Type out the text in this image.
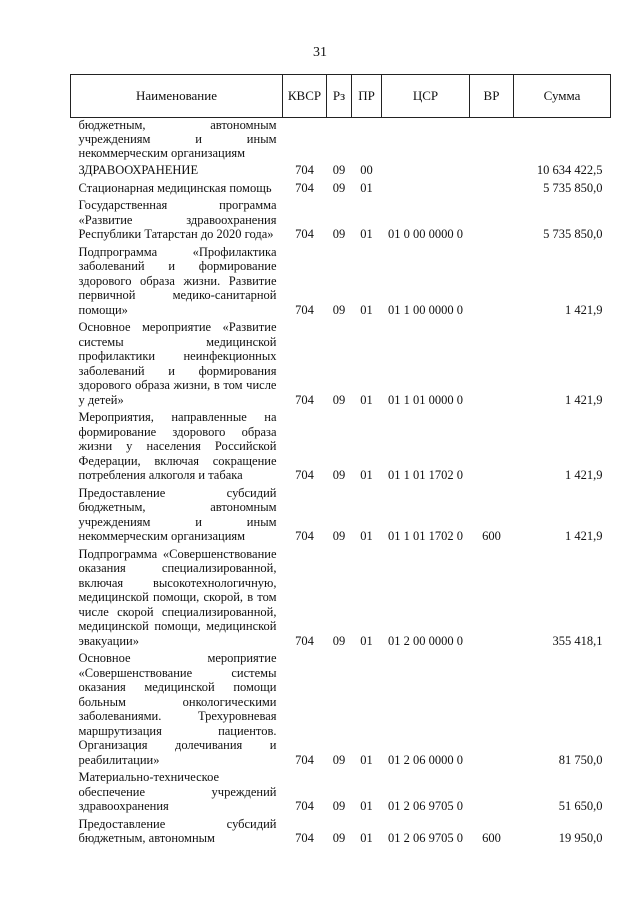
31
Наименование	КВСР	Рз	ПР	ЦСР	ВР	Сумма
бюджетным, автономным учреждениям и иным некоммерческим организациям						

ЗДРАВООХРАНЕНИЕ	704	09	00			10 634 422,5

Стационарная медицинская помощь	704	09	01			5 735 850,0

Государственная программа «Развитие здравоохранения Республики Татарстан до 2020 года»	704	09	01	01 0 00 0000 0		5 735 850,0

Подпрограмма «Профилактика заболеваний и формирование здорового образа жизни. Развитие первичной медико-санитарной помощи»	704	09	01	01 1 00 0000 0		1 421,9

Основное мероприятие «Развитие системы медицинской профилактики неинфекционных заболеваний и формирования здорового образа жизни, в том числе у детей»	704	09	01	01 1 01 0000 0		1 421,9

Мероприятия, направленные на формирование здорового образа жизни у населения Российской Федерации, включая сокращение потребления алкоголя и табака	704	09	01	01 1 01 1702 0		1 421,9

Предоставление субсидий бюджетным, автономным учреждениям и иным некоммерческим организациям	704	09	01	01 1 01 1702 0	600	1 421,9

Подпрограмма «Совершенствование оказания специализированной, включая высокотехнологичную, медицинской помощи, скорой, в том числе скорой специализированной, медицинской помощи, медицинской эвакуации»	704	09	01	01 2 00 0000 0		355 418,1

Основное мероприятие «Совершенствование системы оказания медицинской помощи больным онкологическими заболеваниями. Трехуровневая маршрутизация пациентов. Организация долечивания и реабилитации»	704	09	01	01 2 06 0000 0		81 750,0

Материально-техническое обеспечение учреждений здравоохранения	704	09	01	01 2 06 9705 0		51 650,0

Предоставление субсидий бюджетным, автономным	704	09	01	01 2 06 9705 0	600	19 950,0
